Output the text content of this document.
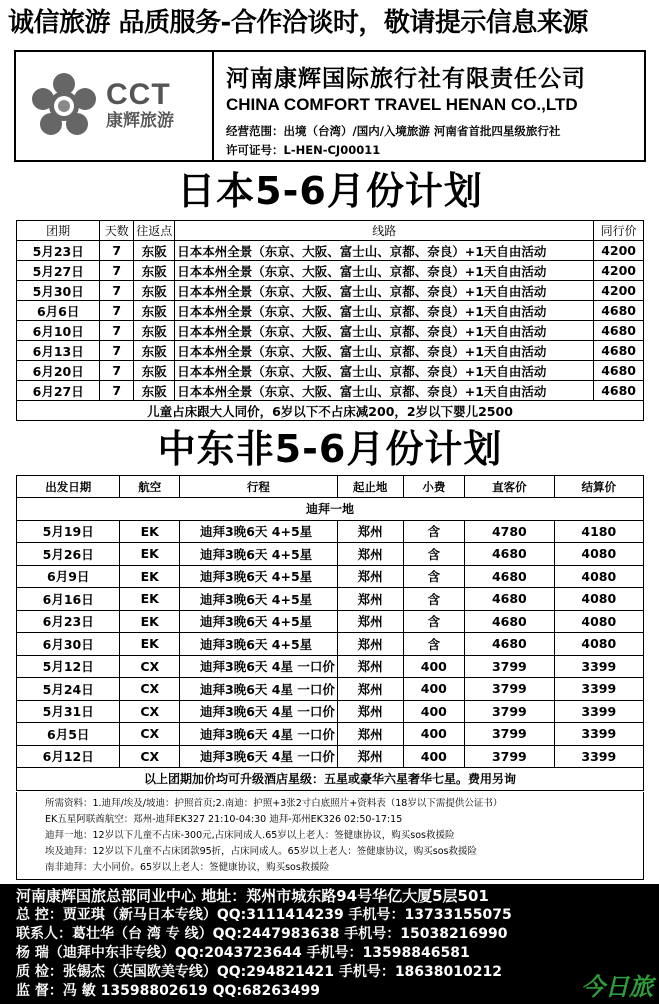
诚信旅游 品质服务-合作洽谈时，敬请提示信息来源
CCT
康辉旅游
河南康辉国际旅行社有限责任公司
CHINA COMFORT TRAVEL HENAN CO.,LTD
经营范围：出境（台湾）/国内/入境旅游 河南省首批四星级旅行社
许可证号：L-HEN-CJ00011
日本5-6月份计划
团期	天数	往返点	线路	同行价
5月23日	7	东阪	日本本州全景（东京、大阪、富士山、京都、奈良）+1天自由活动	4200
5月27日	7	东阪	日本本州全景（东京、大阪、富士山、京都、奈良）+1天自由活动	4200
5月30日	7	东阪	日本本州全景（东京、大阪、富士山、京都、奈良）+1天自由活动	4200
6月6日	7	东阪	日本本州全景（东京、大阪、富士山、京都、奈良）+1天自由活动	4680
6月10日	7	东阪	日本本州全景（东京、大阪、富士山、京都、奈良）+1天自由活动	4680
6月13日	7	东阪	日本本州全景（东京、大阪、富士山、京都、奈良）+1天自由活动	4680
6月20日	7	东阪	日本本州全景（东京、大阪、富士山、京都、奈良）+1天自由活动	4680
6月27日	7	东阪	日本本州全景（东京、大阪、富士山、京都、奈良）+1天自由活动	4680
儿童占床跟大人同价，6岁以下不占床减200，2岁以下婴儿2500				
中东非5-6月份计划
出发日期	航空	行程	起止地	小费	直客价	结算价
迪拜一地						
5月19日	EK	迪拜3晚6天 4+5星	郑州	含	4780	4180
5月26日	EK	迪拜3晚6天 4+5星	郑州	含	4680	4080
6月9日	EK	迪拜3晚6天 4+5星	郑州	含	4680	4080
6月16日	EK	迪拜3晚6天 4+5星	郑州	含	4680	4080
6月23日	EK	迪拜3晚6天 4+5星	郑州	含	4680	4080
6月30日	EK	迪拜3晚6天 4+5星	郑州	含	4680	4080
5月12日	CX	迪拜3晚6天 4星 一口价	郑州	400	3799	3399
5月24日	CX	迪拜3晚6天 4星 一口价	郑州	400	3799	3399
5月31日	CX	迪拜3晚6天 4星 一口价	郑州	400	3799	3399
6月5日	CX	迪拜3晚6天 4星 一口价	郑州	400	3799	3399
6月12日	CX	迪拜3晚6天 4星 一口价	郑州	400	3799	3399
以上团期加价均可升级酒店星级：五星或豪华六星奢华七星。费用另询						
所需资料：1.迪拜/埃及/坡迪：护照首页;2.南迪：护照+3张2寸白底照片+资料表（18岁以下需提供公证书）
EK五星阿联酋航空：郑州-迪拜EK327 21:10-04:30 迪拜-郑州EK326 02:50-17:15
迪拜一地：12岁以下儿童不占床-300元,占床同成人.65岁以上老人：签健康协议，购买sos救援险
埃及迪拜：12岁以下儿童不占床团款95折，占床同成人。65岁以上老人：签健康协议，购买sos救援险
南非迪拜：大小同价。65岁以上老人：签健康协议，购买sos救援险
河南康辉国旅总部同业中心 地址：郑州市城东路94号华亿大厦5层501
总 控：贾亚琪（新马日本专线）QQ:3111414239 手机号：13733155075
联系人：葛壮华（台 湾 专 线）QQ:2447983638 手机号：15038216990
杨 瑞（迪拜中东非专线）QQ:2043723644 手机号：13598846581
质 检：张锡杰（英国欧美专线）QQ:294821421 手机号：18638010212
监 督：冯 敏 13598802619 QQ:68263499	今日旅
